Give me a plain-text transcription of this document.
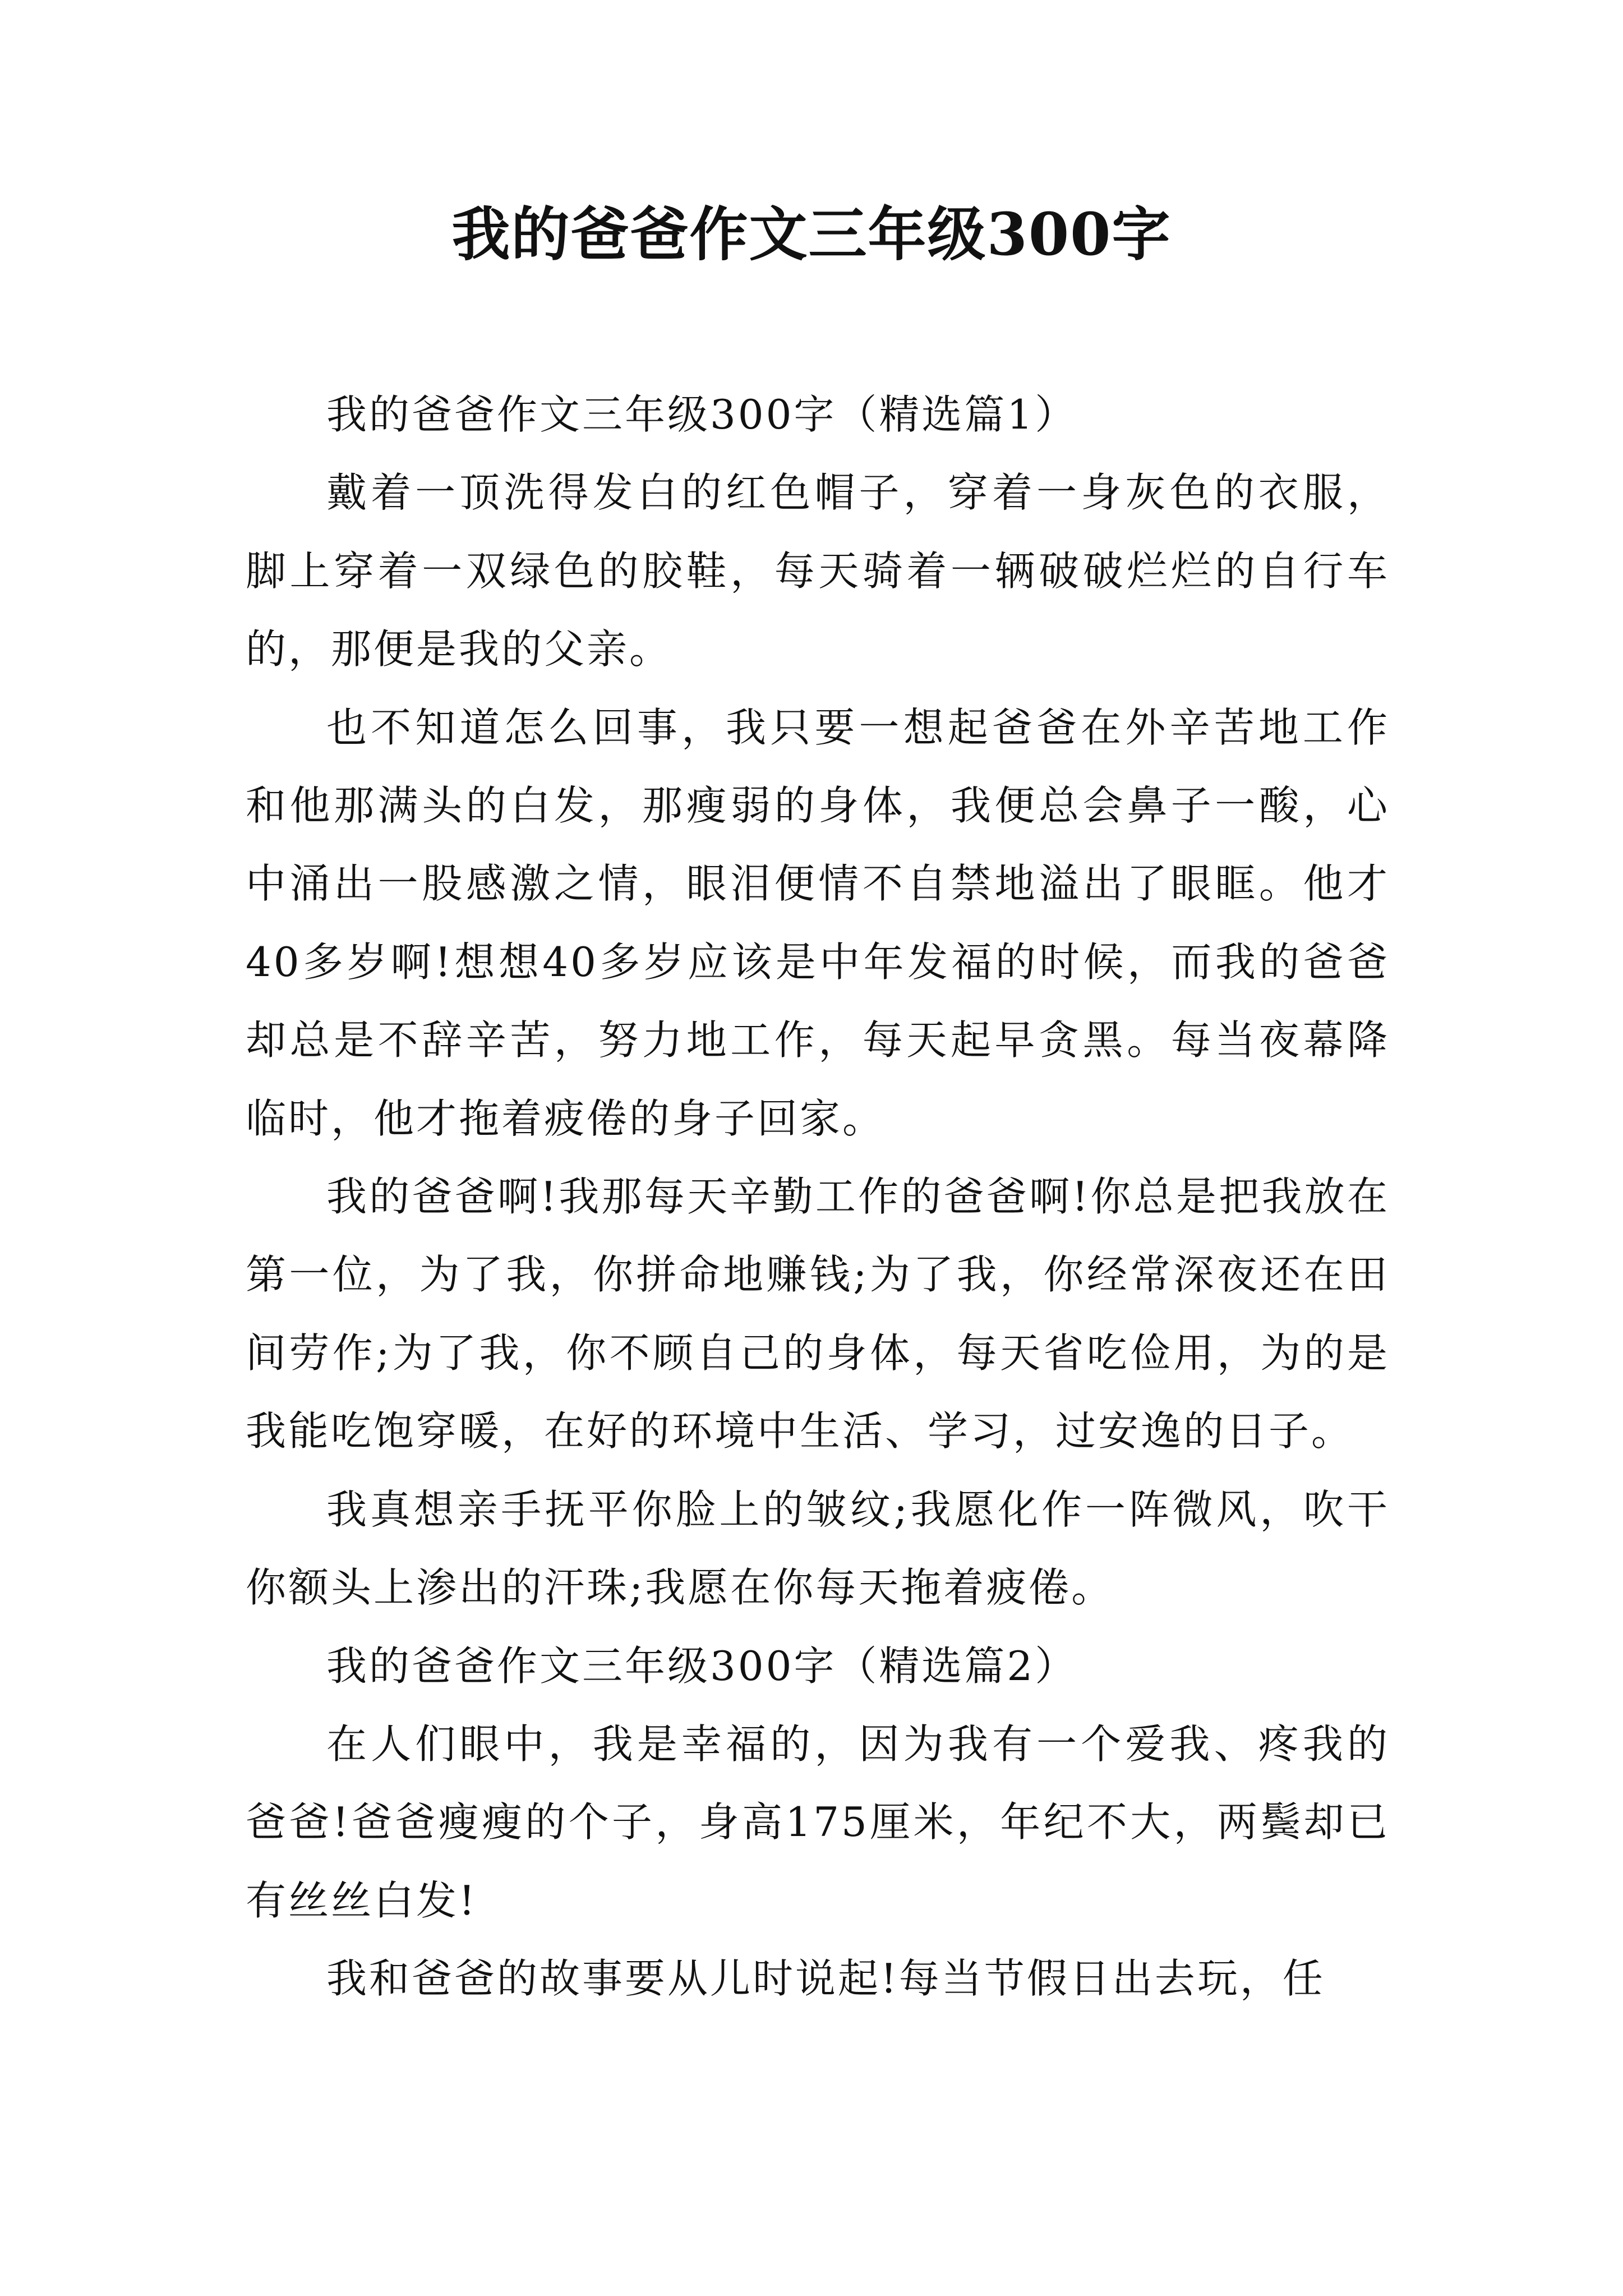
我的爸爸作文三年级300字

我的爸爸作文三年级300字（精选篇1）

戴着一顶洗得发白的红色帽子，穿着一身灰色的衣服，脚上穿着一双绿色的胶鞋，每天骑着一辆破破烂烂的自行车的，那便是我的父亲。

也不知道怎么回事，我只要一想起爸爸在外辛苦地工作和他那满头的白发，那瘦弱的身体，我便总会鼻子一酸，心中涌出一股感激之情，眼泪便情不自禁地溢出了眼眶。他才40多岁啊!想想40多岁应该是中年发福的时候，而我的爸爸却总是不辞辛苦，努力地工作，每天起早贪黑。每当夜幕降临时，他才拖着疲倦的身子回家。

我的爸爸啊!我那每天辛勤工作的爸爸啊!你总是把我放在第一位，为了我，你拼命地赚钱;为了我，你经常深夜还在田间劳作;为了我，你不顾自己的身体，每天省吃俭用，为的是我能吃饱穿暖，在好的环境中生活、学习，过安逸的日子。

我真想亲手抚平你脸上的皱纹;我愿化作一阵微风，吹干你额头上渗出的汗珠;我愿在你每天拖着疲倦。

我的爸爸作文三年级300字（精选篇2）

在人们眼中，我是幸福的，因为我有一个爱我、疼我的爸爸!爸爸瘦瘦的个子，身高175厘米，年纪不大，两鬓却已有丝丝白发!

我和爸爸的故事要从儿时说起!每当节假日出去玩，任
